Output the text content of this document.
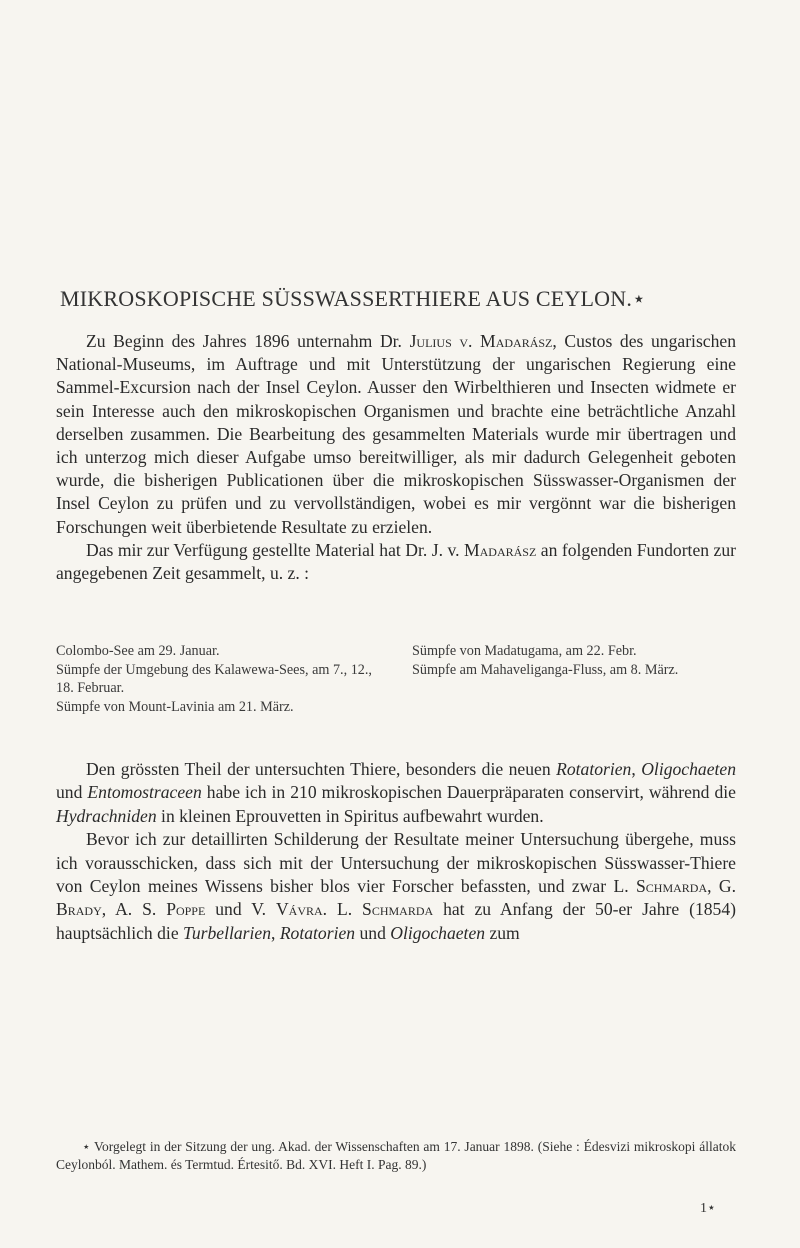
MIKROSKOPISCHE SÜSSWASSERTHIERE AUS CEYLON.⋆

Zu Beginn des Jahres 1896 unternahm Dr. Julius v. Madarász, Custos des ungarischen National-Museums, im Auftrage und mit Unterstützung der ungarischen Regierung eine Sammel-Excursion nach der Insel Ceylon. Ausser den Wirbelthieren und Insecten widmete er sein Interesse auch den mikroskopischen Organismen und brachte eine beträchtliche Anzahl derselben zusammen. Die Bearbeitung des gesammelten Materials wurde mir übertragen und ich unterzog mich dieser Aufgabe umso bereitwilliger, als mir dadurch Gelegenheit geboten wurde, die bisherigen Publicationen über die mikroskopischen Süsswasser-Organismen der Insel Ceylon zu prüfen und zu vervollständigen, wobei es mir vergönnt war die bisherigen Forschungen weit überbietende Resultate zu erzielen.

Das mir zur Verfügung gestellte Material hat Dr. J. v. Madarász an folgenden Fundorten zur angegebenen Zeit gesammelt, u. z. :

Colombo-See am 29. Januar.
Sümpfe der Umgebung des Kalawewa-Sees, am 7., 12., 18. Februar.
Sümpfe von Mount-Lavinia am 21. März.
Sümpfe von Madatugama, am 22. Febr.
Sümpfe am Mahaveliganga-Fluss, am 8. März.

Den grössten Theil der untersuchten Thiere, besonders die neuen Rotatorien, Oligochaeten und Entomostraceen habe ich in 210 mikroskopischen Dauerpräparaten conservirt, während die Hydrachniden in kleinen Eprouvetten in Spiritus aufbewahrt wurden.

Bevor ich zur detaillirten Schilderung der Resultate meiner Untersuchung übergehe, muss ich vorausschicken, dass sich mit der Untersuchung der mikroskopischen Süsswasser-Thiere von Ceylon meines Wissens bisher blos vier Forscher befassten, und zwar L. Schmarda, G. Brady, A. S. Poppe und V. Vávra. L. Schmarda hat zu Anfang der 50-er Jahre (1854) hauptsächlich die Turbellarien, Rotatorien und Oligochaeten zum

⋆ Vorgelegt in der Sitzung der ung. Akad. der Wissenschaften am 17. Januar 1898. (Siehe : Édesvizi mikroskopi állatok Ceylonból. Mathem. és Termtud. Értesitő. Bd. XVI. Heft I. Pag. 89.)

1⋆
